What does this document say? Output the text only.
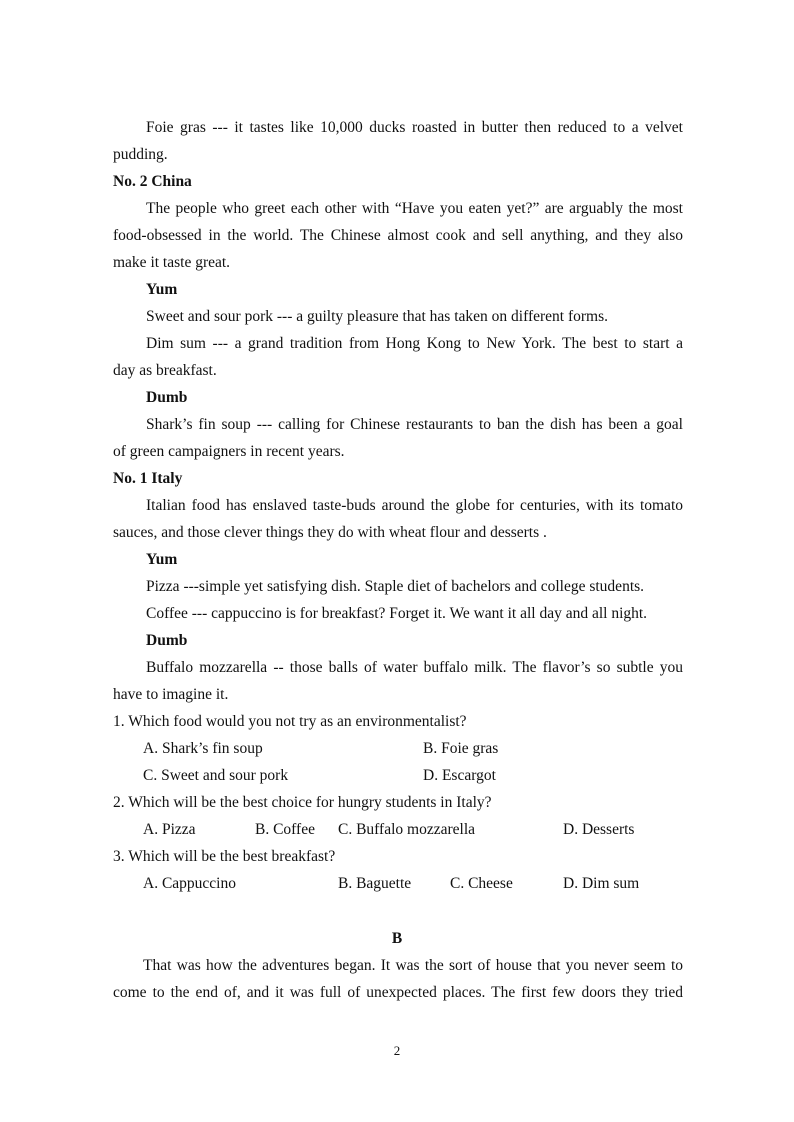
Foie gras --- it tastes like 10,000 ducks roasted in butter then reduced to a velvet
pudding.
No. 2 China
The people who greet each other with “Have you eaten yet?” are arguably the most
food-obsessed in the world. The Chinese almost cook and sell anything, and they also
make it taste great.
Yum
Sweet and sour pork --- a guilty pleasure that has taken on different forms.
Dim sum --- a grand tradition from Hong Kong to New York. The best to start a
day as breakfast.
Dumb
Shark’s fin soup --- calling for Chinese restaurants to ban the dish has been a goal
of green campaigners in recent years.
No. 1 Italy
Italian food has enslaved taste-buds around the globe for centuries, with its tomato
sauces, and those clever things they do with wheat flour and desserts .
Yum
Pizza ---simple yet satisfying dish. Staple diet of bachelors and college students.
Coffee --- cappuccino is for breakfast? Forget it. We want it all day and all night.
Dumb
Buffalo mozzarella -- those balls of water buffalo milk. The flavor’s so subtle you
have to imagine it.
1. Which food would you not try as an environmentalist?
A. Shark’s fin soup	B. Foie gras
C. Sweet and sour pork	D. Escargot
2. Which will be the best choice for hungry students in Italy?
A. Pizza	B. Coffee C. Buffalo mozzarella	D. Desserts
3. Which will be the best breakfast?
A. Cappuccino	B. Baguette	C. Cheese	D. Dim sum
B
That was how the adventures began. It was the sort of house that you never seem to
come to the end of, and it was full of unexpected places. The first few doors they tried
2
